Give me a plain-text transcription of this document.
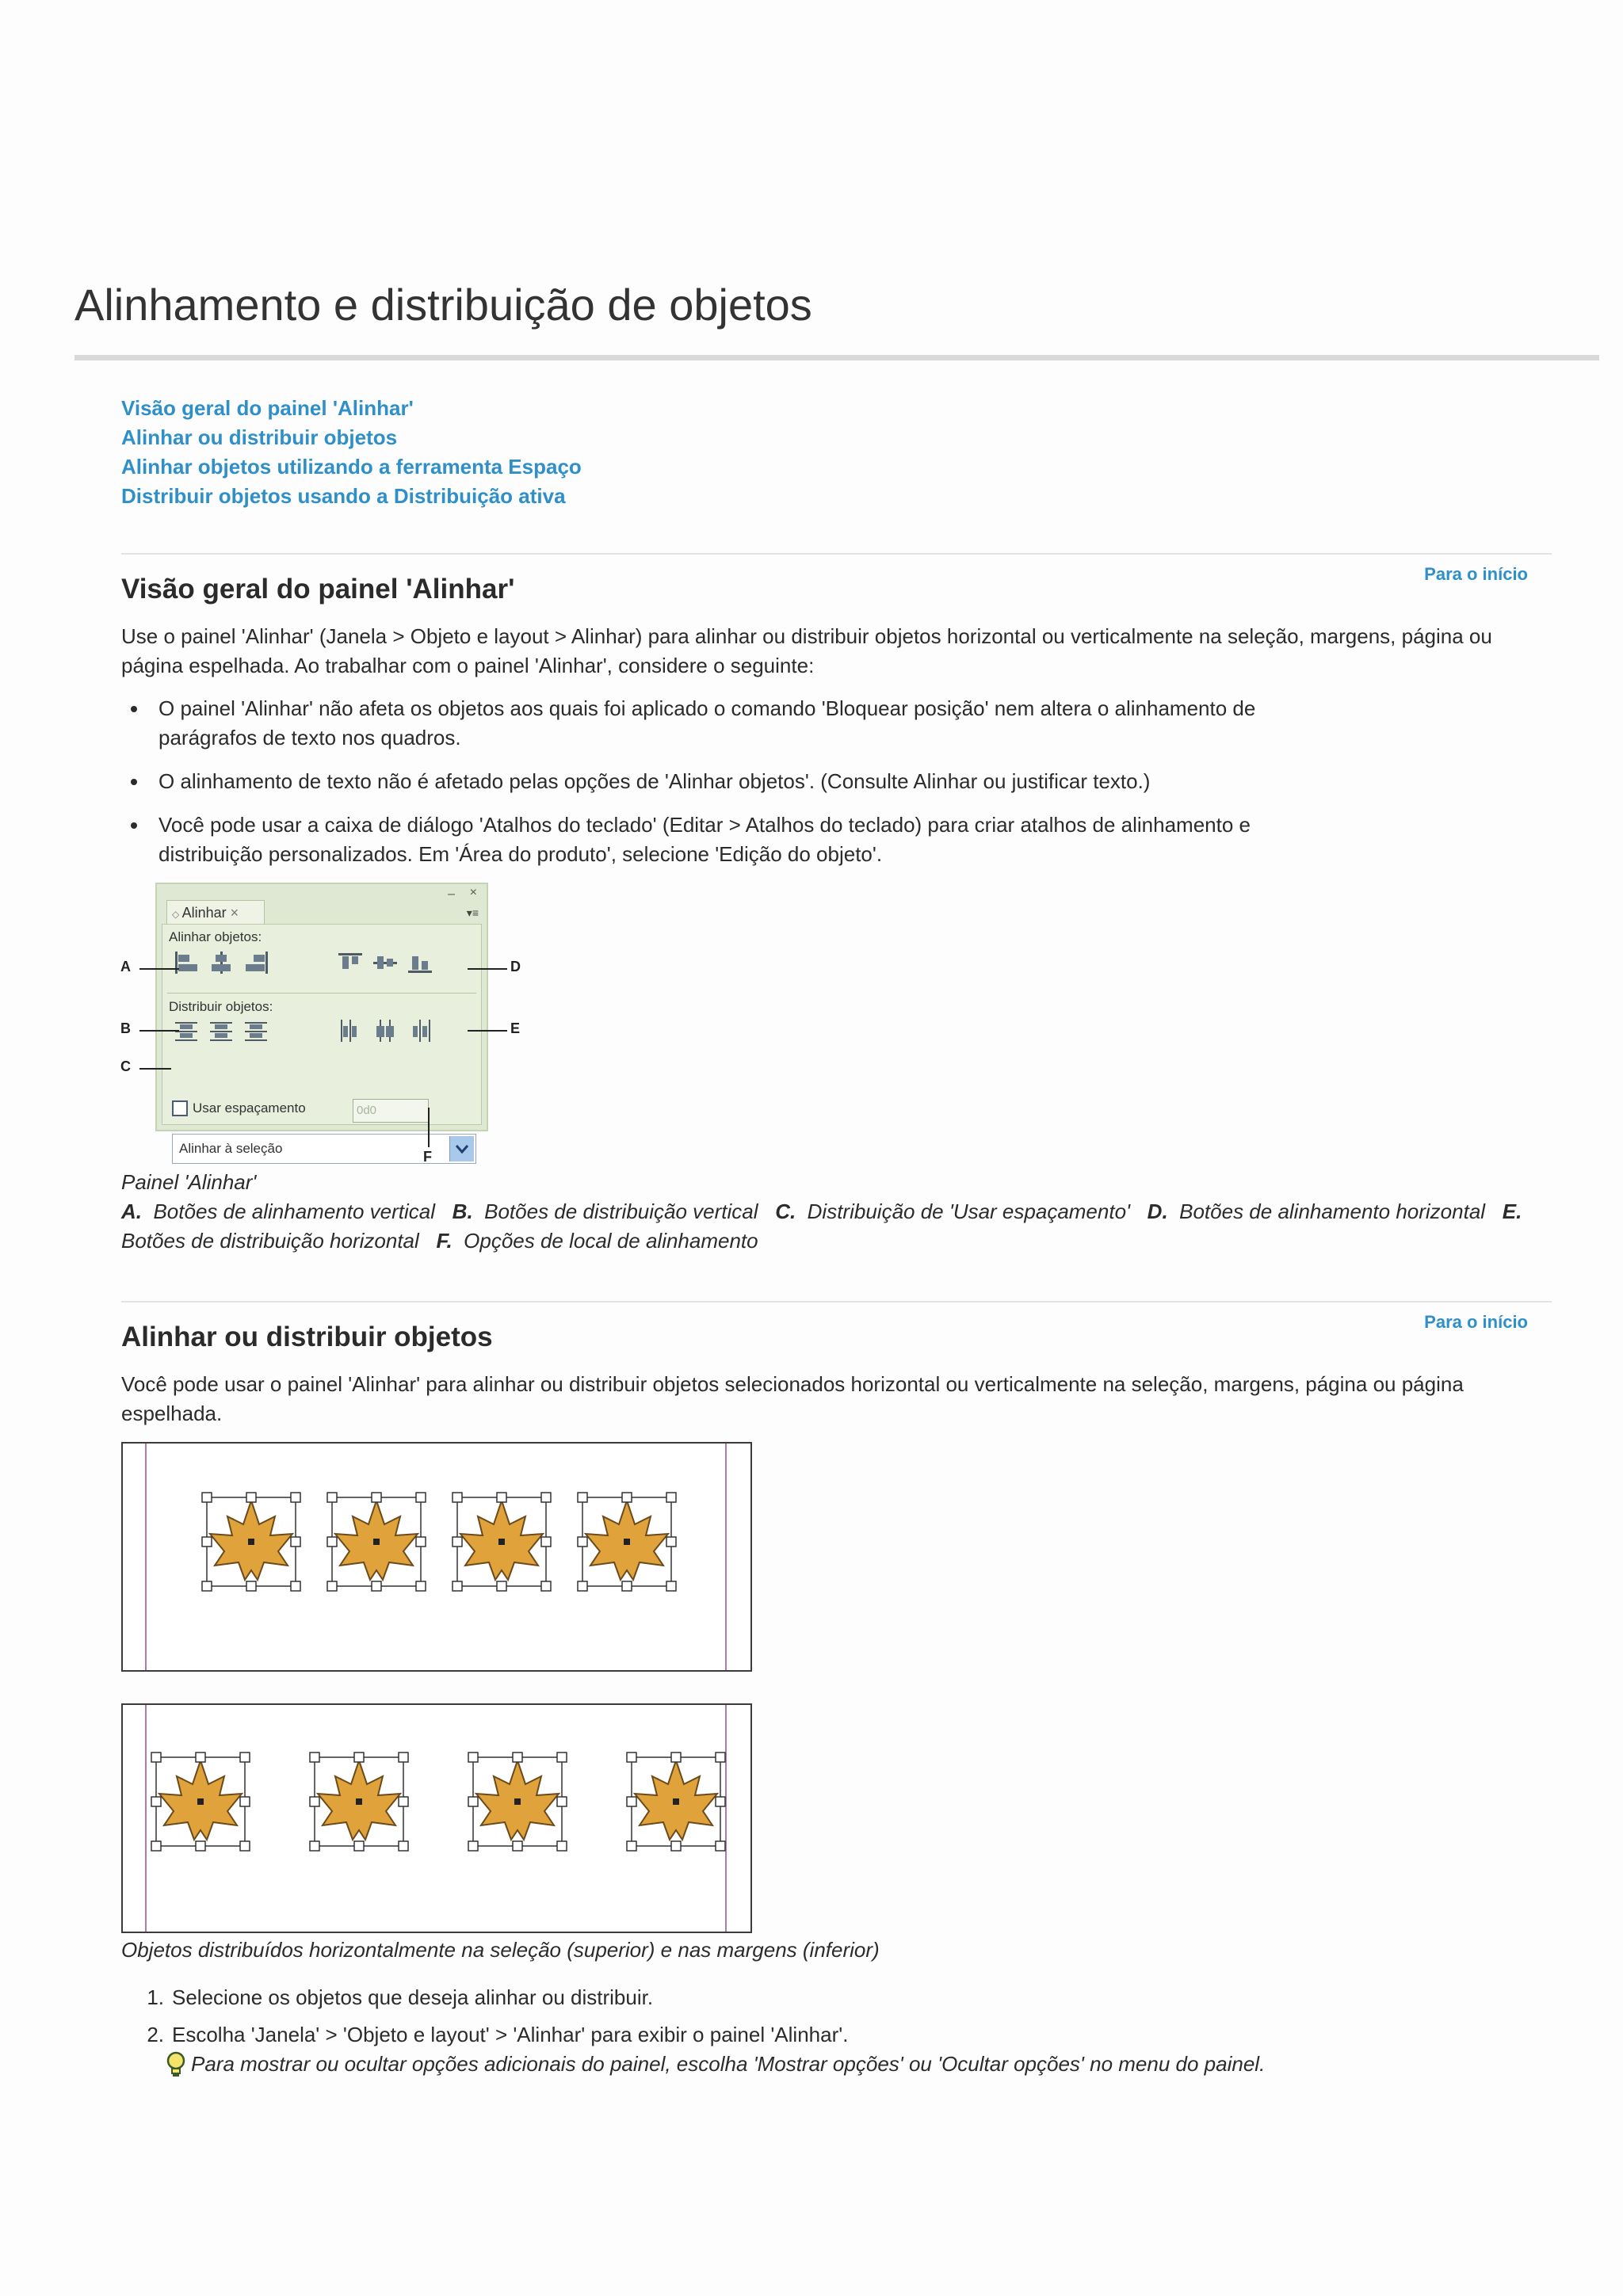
Alinhamento e distribuição de objetos
Visão geral do painel 'Alinhar'
Alinhar ou distribuir objetos
Alinhar objetos utilizando a ferramenta Espaço
Distribuir objetos usando a Distribuição ativa
Para o início
Visão geral do painel 'Alinhar'

Use o painel 'Alinhar' (Janela > Objeto e layout > Alinhar) para alinhar ou distribuir objetos horizontal ou verticalmente na seleção, margens, página ou página espelhada. Ao trabalhar com o painel 'Alinhar', considere o seguinte:

O painel 'Alinhar' não afeta os objetos aos quais foi aplicado o comando 'Bloquear posição' nem altera o alinhamento de parágrafos de texto nos quadros.
O alinhamento de texto não é afetado pelas opções de 'Alinhar objetos'. (Consulte Alinhar ou justificar texto.)
Você pode usar a caixa de diálogo 'Atalhos do teclado' (Editar > Atalhos do teclado) para criar atalhos de alinhamento e distribuição personalizados. Em 'Área do produto', selecione 'Edição do objeto'.
– ×
▾≡
◇ Alinhar ×
Alinhar objetos:
Distribuir objetos:
Usar espaçamento	0d0
Alinhar à seleção
A
B
C
D
E
F
Painel 'Alinhar'
A. Botões de alinhamento vertical B. Botões de distribuição vertical C. Distribuição de 'Usar espaçamento' D. Botões de alinhamento horizontal E.  Botões de distribuição horizontal F. Opções de local de alinhamento
Para o início
Alinhar ou distribuir objetos

Você pode usar o painel 'Alinhar' para alinhar ou distribuir objetos selecionados horizontal ou verticalmente na seleção, margens, página ou página espelhada.

Objetos distribuídos horizontalmente na seleção (superior) e nas margens (inferior)

1. Selecione os objetos que deseja alinhar ou distribuir.
2. Escolha 'Janela' > 'Objeto e layout' > 'Alinhar' para exibir o painel 'Alinhar'.
Para mostrar ou ocultar opções adicionais do painel, escolha 'Mostrar opções' ou 'Ocultar opções' no menu do painel.
